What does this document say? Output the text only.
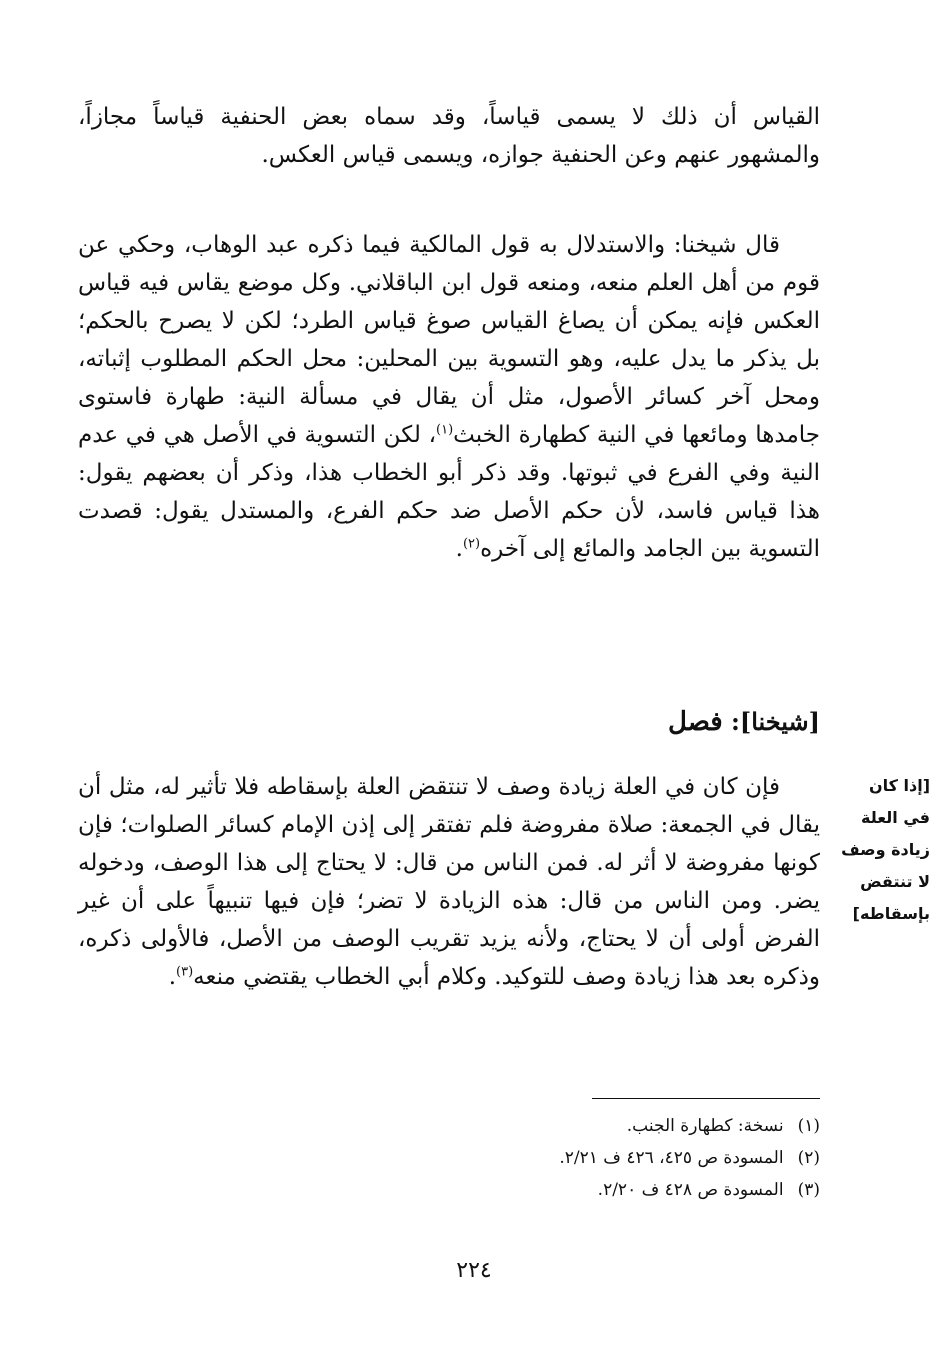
القياس أن ذلك لا يسمى قياساً، وقد سماه بعض الحنفية قياساً مجازاً، والمشهور عنهم وعن الحنفية جوازه، ويسمى قياس العكس.

قال شيخنا: والاستدلال به قول المالكية فيما ذكره عبد الوهاب، وحكي عن قوم من أهل العلم منعه، ومنعه قول ابن الباقلاني. وكل موضع يقاس فيه قياس العكس فإنه يمكن أن يصاغ القياس صوغ قياس الطرد؛ لكن لا يصرح بالحكم؛ بل يذكر ما يدل عليه، وهو التسوية بين المحلين: محل الحكم المطلوب إثباته، ومحل آخر كسائر الأصول، مثل أن يقال في مسألة النية: طهارة فاستوى جامدها ومائعها في النية كطهارة الخبث$^{(١)}$، لكن التسوية في الأصل هي في عدم النية وفي الفرع في ثبوتها. وقد ذكر أبو الخطاب هذا، وذكر أن بعضهم يقول: هذا قياس فاسد، لأن حكم الأصل ضد حكم الفرع، والمستدل يقول: قصدت التسوية بين الجامد والمائع إلى آخره$^{(٢)}$.

[شيخنا]: فصل
[إذا كان في العلة زيادة وصف لا تنتقض بإسقاطه]

فإن كان في العلة زيادة وصف لا تنتقض العلة بإسقاطه فلا تأثير له، مثل أن يقال في الجمعة: صلاة مفروضة فلم تفتقر إلى إذن الإمام كسائر الصلوات؛ فإن كونها مفروضة لا أثر له. فمن الناس من قال: لا يحتاج إلى هذا الوصف، ودخوله يضر. ومن الناس من قال: هذه الزيادة لا تضر؛ فإن فيها تنبيهاً على أن غير الفرض أولى أن لا يحتاج، ولأنه يزيد تقريب الوصف من الأصل، فالأولى ذكره، وذكره بعد هذا زيادة وصف للتوكيد. وكلام أبي الخطاب يقتضي منعه$^{(٣)}$.

(١)نسخة: كطهارة الجنب.
(٢)المسودة ص ٤٢٥، ٤٢٦ ف ٢/٢١.
(٣)المسودة ص ٤٢٨ ف ٢/٢٠.
٢٢٤
